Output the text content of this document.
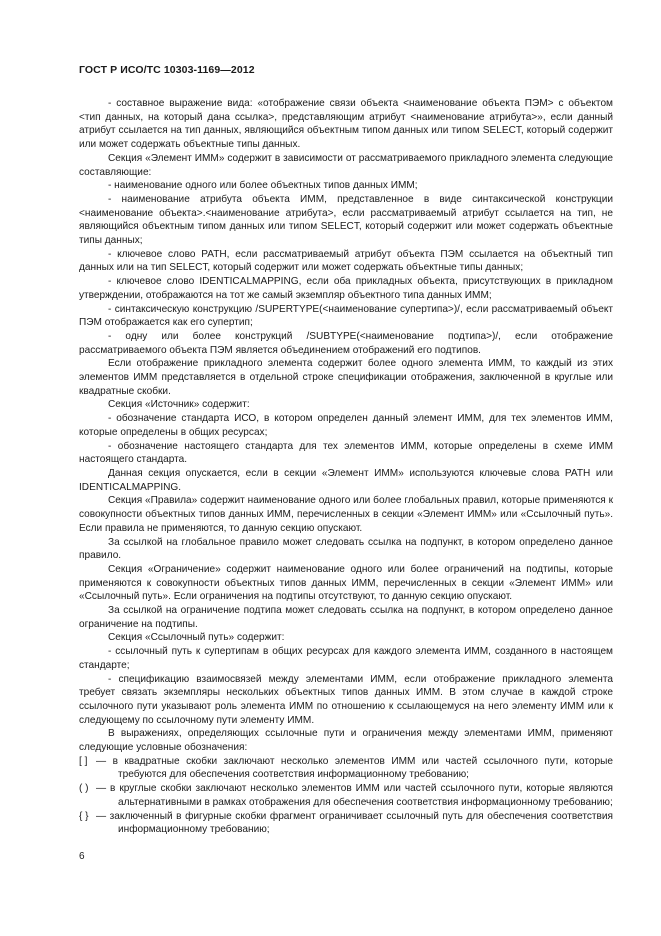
ГОСТ Р ИСО/ТС 10303-1169—2012

- составное выражение вида: «отображение связи объекта <наименование объекта ПЭМ> с объектом <тип данных, на который дана ссылка>, представляющим атрибут <наименование атрибута>», если данный атрибут ссылается на тип данных, являющийся объектным типом данных или типом SELECT, который содержит или может содержать объектные типы данных.

Секция «Элемент ИММ» содержит в зависимости от рассматриваемого прикладного элемента следующие составляющие:

- наименование одного или более объектных типов данных ИММ;

- наименование атрибута объекта ИММ, представленное в виде синтаксической конструкции <наименование объекта>.<наименование атрибута>, если рассматриваемый атрибут ссылается на тип, не являющийся объектным типом данных или типом SELECT, который содержит или может содержать объектные типы данных;

- ключевое слово PATH, если рассматриваемый атрибут объекта ПЭМ ссылается на объектный тип данных или на тип SELECT, который содержит или может содержать объектные типы данных;

- ключевое слово IDENTICALMAPPING, если оба прикладных объекта, присутствующих в прикладном утверждении, отображаются на тот же самый экземпляр объектного типа данных ИММ;

- синтаксическую конструкцию /SUPERTYPE(<наименование супертипа>)/, если рассматриваемый объект ПЭМ отображается как его супертип;

- одну или более конструкций /SUBTYPE(<наименование подтипа>)/, если отображение рассматриваемого объекта ПЭМ является объединением отображений его подтипов.

Если отображение прикладного элемента содержит более одного элемента ИММ, то каждый из этих элементов ИММ представляется в отдельной строке спецификации отображения, заключенной в круглые или квадратные скобки.

Секция «Источник» содержит:

- обозначение стандарта ИСО, в котором определен данный элемент ИММ, для тех элементов ИММ, которые определены в общих ресурсах;

- обозначение настоящего стандарта для тех элементов ИММ, которые определены в схеме ИММ настоящего стандарта.

Данная секция опускается, если в секции «Элемент ИММ» используются ключевые слова PATH или IDENTICALMAPPING.

Секция «Правила» содержит наименование одного или более глобальных правил, которые применяются к совокупности объектных типов данных ИММ, перечисленных в секции «Элемент ИММ» или «Ссылочный путь». Если правила не применяются, то данную секцию опускают.

За ссылкой на глобальное правило может следовать ссылка на подпункт, в котором определено данное правило.

Секция «Ограничение» содержит наименование одного или более ограничений на подтипы, которые применяются к совокупности объектных типов данных ИММ, перечисленных в секции «Элемент ИММ» или «Ссылочный путь». Если ограничения на подтипы отсутствуют, то данную секцию опускают.

За ссылкой на ограничение подтипа может следовать ссылка на подпункт, в котором определено данное ограничение на подтипы.

Секция «Ссылочный путь» содержит:

- ссылочный путь к супертипам в общих ресурсах для каждого элемента ИММ, созданного в настоящем стандарте;

- спецификацию взаимосвязей между элементами ИММ, если отображение прикладного элемента требует связать экземпляры нескольких объектных типов данных ИММ. В этом случае в каждой строке ссылочного пути указывают роль элемента ИММ по отношению к ссылающемуся на него элементу ИММ или к следующему по ссылочному пути элементу ИММ.

В выражениях, определяющих ссылочные пути и ограничения между элементами ИММ, применяют следующие условные обозначения:

[ ] — в квадратные скобки заключают несколько элементов ИММ или частей ссылочного пути, которые требуются для обеспечения соответствия информационному требованию;
( ) — в круглые скобки заключают несколько элементов ИММ или частей ссылочного пути, которые являются альтернативными в рамках отображения для обеспечения соответствия информационному требованию;
{ } — заключенный в фигурные скобки фрагмент ограничивает ссылочный путь для обеспечения соответствия информационному требованию;
6
